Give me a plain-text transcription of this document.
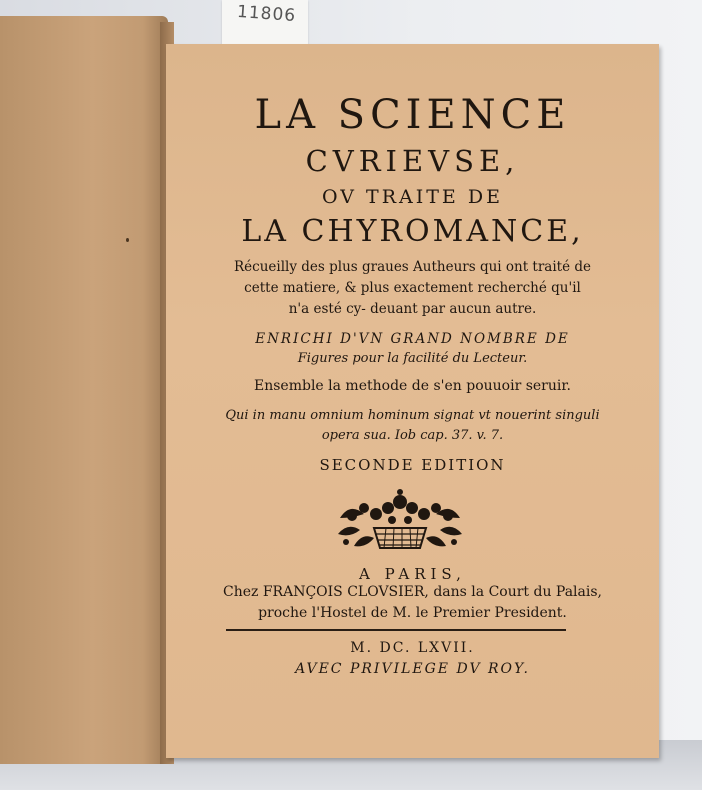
11806
LA SCIENCE
CVRIEVSE,
OV TRAITE DE
LA CHYROMANCE,
Récueilly des plus graues Autheurs qui ont traité de
cette matiere, & plus exactement recherché qu'il
n'a esté cy- deuant par aucun autre.
ENRICHI D'VN GRAND NOMBRE DE
Figures pour la facilité du Lecteur.
Ensemble la methode de s'en pouuoir seruir.
Qui in manu omnium hominum signat vt nouerint singuli
opera sua. Iob cap. 37. v. 7.
SECONDE EDITION
A PARIS,
Chez FRANÇOIS CLOVSIER, dans la Court du Palais,
proche l'Hostel de M. le Premier President.
M. DC. LXVII.
AVEC PRIVILEGE DV ROY.
